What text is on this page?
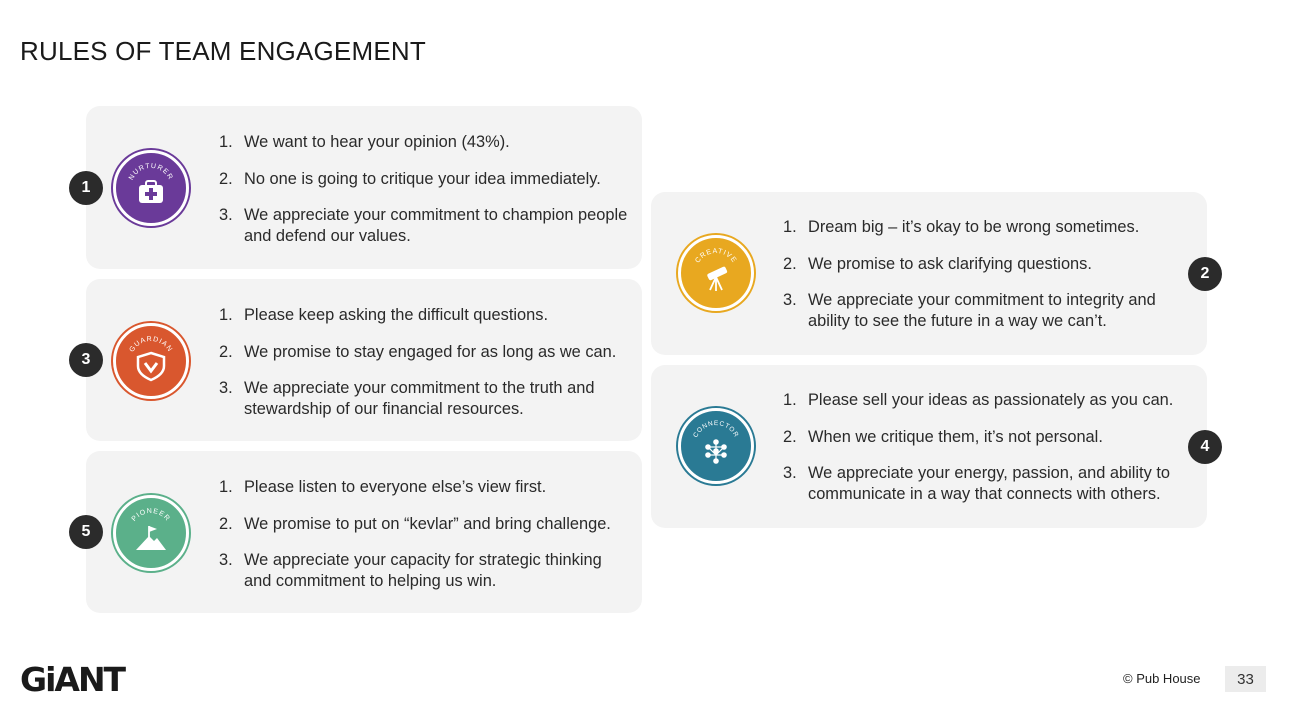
RULES OF TEAM ENGAGEMENT
NURTURER
1. We want to hear your opinion (43%).
2. No one is going to critique your idea immediately.
3. We appreciate your commitment to champion people and defend our values.
1
GUARDIAN
1. Please keep asking the difficult questions.
2. We promise to stay engaged for as long as we can.
3. We appreciate your commitment to the truth and stewardship of our financial resources.
3
PIONEER
1. Please listen to everyone else’s view first.
2. We promise to put on “kevlar” and bring challenge.
3. We appreciate your capacity for strategic thinking and commitment to helping us win.
5
CREATIVE
1. Dream big – it’s okay to be wrong sometimes.
2. We promise to ask clarifying questions.
3. We appreciate your commitment to integrity and ability to see the future in a way we can’t.
2
CONNECTOR
1. Please sell your ideas as passionately as you can.
2. When we critique them, it’s not personal.
3. We appreciate your energy, passion, and ability to communicate in a way that connects with others.
4
GiANT	© Pub House	33
